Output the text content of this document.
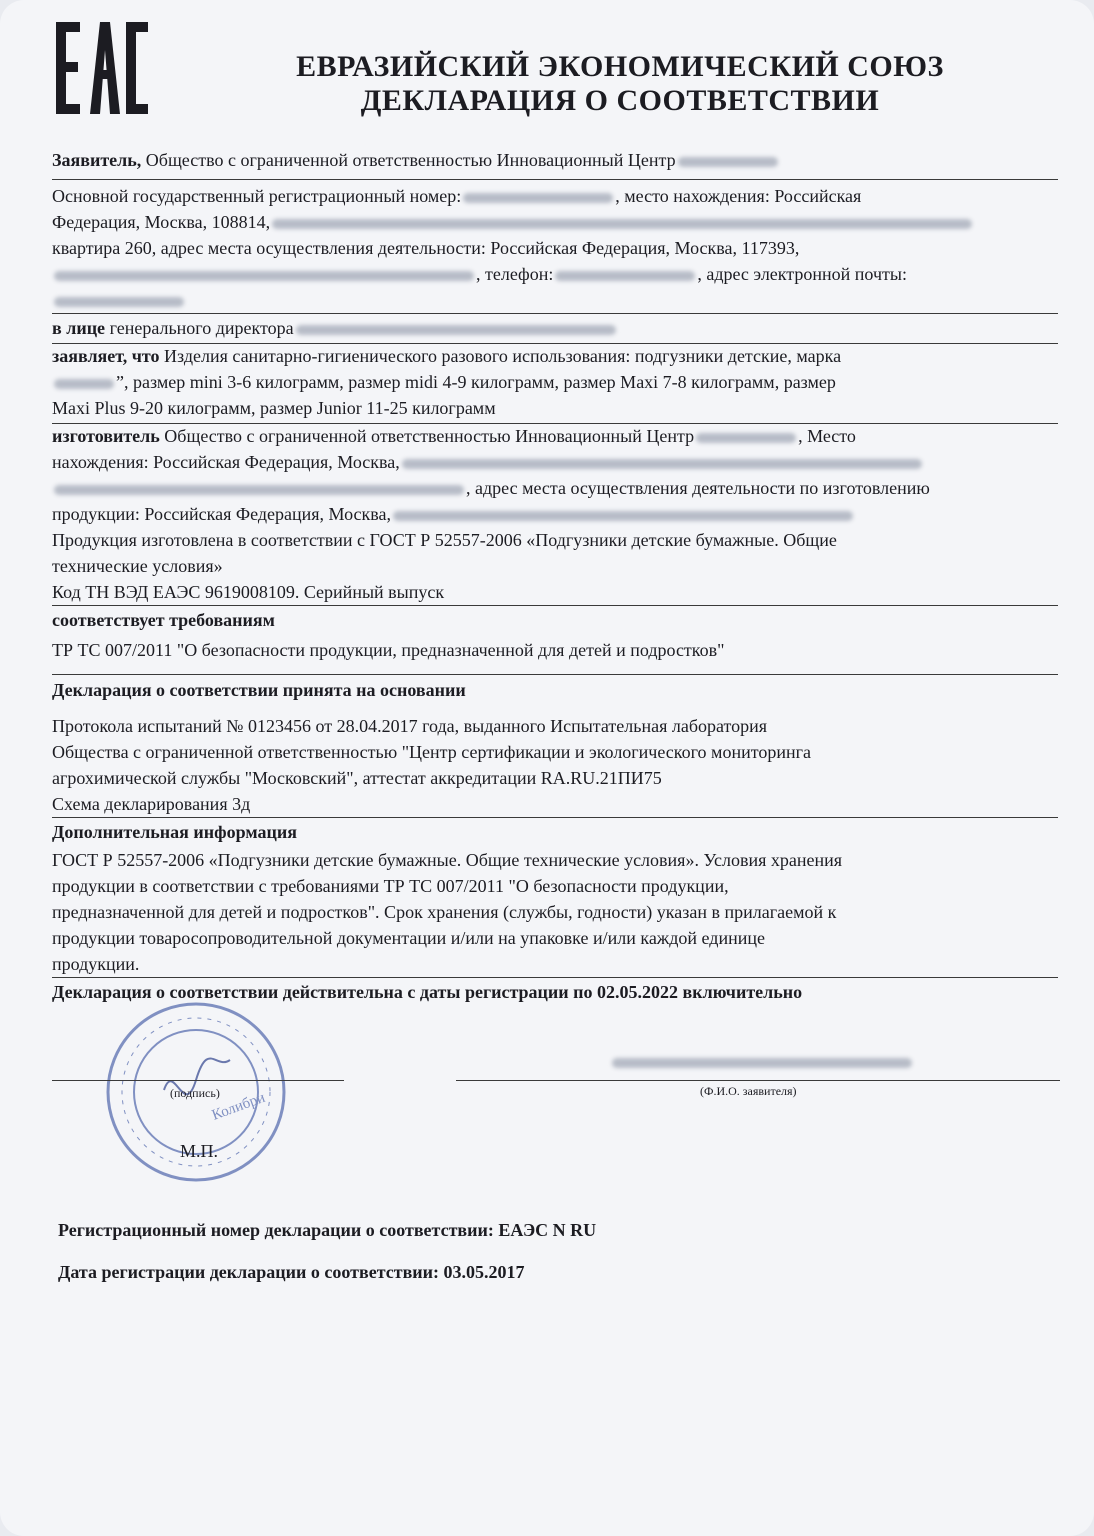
ЕВРАЗИЙСКИЙ ЭКОНОМИЧЕСКИЙ СОЮЗ
ДЕКЛАРАЦИЯ О СООТВЕТСТВИИ
Заявитель, Общество с ограниченной ответственностью Инновационный Центр
Основной государственный регистрационный номер:	, место нахождения: Российская
Федерация, Москва, 108814,
квартира 260, адрес места осуществления деятельности: Российская Федерация, Москва, 117393,
, телефон:	, адрес электронной почты:
в лице генерального директора
заявляет, что Изделия санитарно-гигиенического разового использования: подгузники детские, марка
”, размер mini 3-6 килограмм, размер midi 4-9 килограмм, размер Maxi 7-8 килограмм, размер
Maxi Plus 9-20 килограмм, размер Junior 11-25 килограмм
изготовитель Общество с ограниченной ответственностью Инновационный Центр	, Место
нахождения: Российская Федерация, Москва,
, адрес места осуществления деятельности по изготовлению
продукции: Российская Федерация, Москва,
Продукция изготовлена в соответствии с ГОСТ Р 52557-2006 «Подгузники детские бумажные. Общие
технические условия»
Код ТН ВЭД ЕАЭС 9619008109. Серийный выпуск
соответствует требованиям
ТР ТС 007/2011 "О безопасности продукции, предназначенной для детей и подростков"
Декларация о соответствии принята на основании
Протокола испытаний № 0123456 от 28.04.2017 года, выданного Испытательная лаборатория
Общества с ограниченной ответственностью "Центр сертификации и экологического мониторинга
агрохимической службы "Московский", аттестат аккредитации RA.RU.21ПИ75
Схема декларирования 3д
Дополнительная информация
ГОСТ Р 52557-2006 «Подгузники детские бумажные. Общие технические условия». Условия хранения
продукции в соответствии с требованиями ТР ТС 007/2011 "О безопасности продукции,
предназначенной для детей и подростков". Срок хранения (службы, годности) указан в прилагаемой к
продукции товаросопроводительной документации и/или на упаковке и/или каждой единице
продукции.
Декларация о соответствии действительна с даты регистрации по 02.05.2022 включительно
Колибри
(подпись)
М.П.
(Ф.И.О. заявителя)
Регистрационный номер декларации о соответствии: ЕАЭС N RU
Дата регистрации декларации о соответствии: 03.05.2017
